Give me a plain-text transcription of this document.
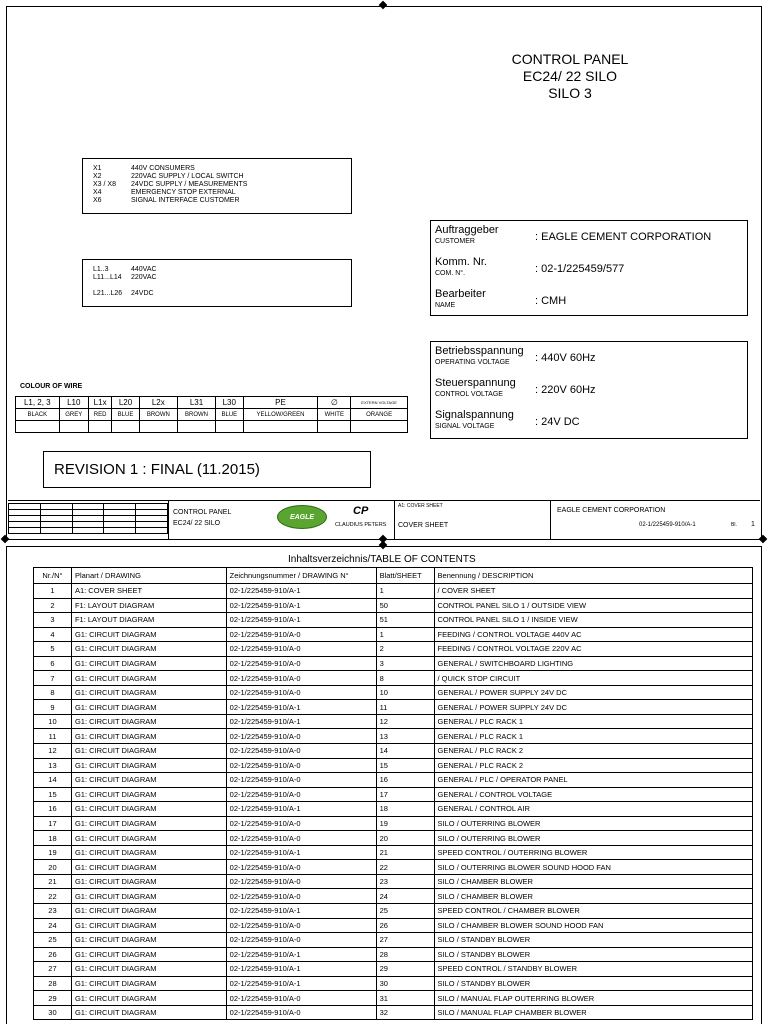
CONTROL PANEL
EC24/ 22 SILO
SILO 3
X1	440V CONSUMERS
X2	220VAC SUPPLY / LOCAL SWITCH
X3 / X8 24VDC SUPPLY / MEASUREMENTS
X4	EMERGENCY STOP EXTERNAL
X6	SIGNAL INTERFACE CUSTOMER
L1..3	440VAC
L11...L14 220VAC
L21...L26 24VDC
COLOUR OF WIRE
L1, 2, 3	L10	L1x	L20	L2x	L31	L30	PE	∅	EXTERN VOLTAGE
BLACK	GREY	RED	BLUE	BROWN	BROWN	BLUE	YELLOW/GREEN	WHITE	ORANGE

Auftraggeber
CUSTOMER	: EAGLE CEMENT CORPORATION
Komm. Nr.
COM. N°.	: 02-1/225459/577
Bearbeiter
NAME	: CMH
Betriebsspannung
OPERATING VOLTAGE : 440V 60Hz
Steuerspannung
CONTROL VOLTAGE	: 220V 60Hz
Signalspannung
SIGNAL VOLTAGE	: 24V DC
REVISION 1 : FINAL (11.2015)

CONTROL PANEL
EC24/ 22 SILO
EAGLE
CP
CLAUDIUS PETERS
A1: COVER SHEET
COVER SHEET
EAGLE CEMENT CORPORATION
02-1/225459-910/A-1	Bl. 1
Inhaltsverzeichnis/TABLE OF CONTENTS
Nr./N°	Planart / DRAWING	Zeichnungsnummer / DRAWING N°	Blatt/SHEET	Benennung / DESCRIPTION
1	A1: COVER SHEET	02-1/225459-910/A-1	1	/ COVER SHEET
2	F1: LAYOUT DIAGRAM	02-1/225459-910/A-1	50	CONTROL PANEL SILO 1 / OUTSIDE VIEW
3	F1: LAYOUT DIAGRAM	02-1/225459-910/A-1	51	CONTROL PANEL SILO 1 / INSIDE VIEW
4	G1: CIRCUIT DIAGRAM	02-1/225459-910/A-0	1	FEEDING / CONTROL VOLTAGE 440V AC
5	G1: CIRCUIT DIAGRAM	02-1/225459-910/A-0	2	FEEDING / CONTROL VOLTAGE 220V AC
6	G1: CIRCUIT DIAGRAM	02-1/225459-910/A-0	3	GENERAL / SWITCHBOARD LIGHTING
7	G1: CIRCUIT DIAGRAM	02-1/225459-910/A-0	8	/ QUICK STOP CIRCUIT
8	G1: CIRCUIT DIAGRAM	02-1/225459-910/A-0	10	GENERAL / POWER SUPPLY 24V DC
9	G1: CIRCUIT DIAGRAM	02-1/225459-910/A-1	11	GENERAL / POWER SUPPLY 24V DC
10	G1: CIRCUIT DIAGRAM	02-1/225459-910/A-1	12	GENERAL / PLC RACK 1
11	G1: CIRCUIT DIAGRAM	02-1/225459-910/A-0	13	GENERAL / PLC RACK 1
12	G1: CIRCUIT DIAGRAM	02-1/225459-910/A-0	14	GENERAL / PLC RACK 2
13	G1: CIRCUIT DIAGRAM	02-1/225459-910/A-0	15	GENERAL / PLC RACK 2
14	G1: CIRCUIT DIAGRAM	02-1/225459-910/A-0	16	GENERAL / PLC / OPERATOR PANEL
15	G1: CIRCUIT DIAGRAM	02-1/225459-910/A-0	17	GENERAL / CONTROL VOLTAGE
16	G1: CIRCUIT DIAGRAM	02-1/225459-910/A-1	18	GENERAL / CONTROL AIR
17	G1: CIRCUIT DIAGRAM	02-1/225459-910/A-0	19	SILO / OUTERRING BLOWER
18	G1: CIRCUIT DIAGRAM	02-1/225459-910/A-0	20	SILO / OUTERRING BLOWER
19	G1: CIRCUIT DIAGRAM	02-1/225459-910/A-1	21	SPEED CONTROL / OUTERRING BLOWER
20	G1: CIRCUIT DIAGRAM	02-1/225459-910/A-0	22	SILO / OUTERRING BLOWER SOUND HOOD FAN
21	G1: CIRCUIT DIAGRAM	02-1/225459-910/A-0	23	SILO / CHAMBER BLOWER
22	G1: CIRCUIT DIAGRAM	02-1/225459-910/A-0	24	SILO / CHAMBER BLOWER
23	G1: CIRCUIT DIAGRAM	02-1/225459-910/A-1	25	SPEED CONTROL / CHAMBER BLOWER
24	G1: CIRCUIT DIAGRAM	02-1/225459-910/A-0	26	SILO / CHAMBER BLOWER SOUND HOOD FAN
25	G1: CIRCUIT DIAGRAM	02-1/225459-910/A-0	27	SILO / STANDBY BLOWER
26	G1: CIRCUIT DIAGRAM	02-1/225459-910/A-1	28	SILO / STANDBY BLOWER
27	G1: CIRCUIT DIAGRAM	02-1/225459-910/A-1	29	SPEED CONTROL / STANDBY BLOWER
28	G1: CIRCUIT DIAGRAM	02-1/225459-910/A-1	30	SILO / STANDBY BLOWER
29	G1: CIRCUIT DIAGRAM	02-1/225459-910/A-0	31	SILO / MANUAL FLAP OUTERRING BLOWER
30	G1: CIRCUIT DIAGRAM	02-1/225459-910/A-0	32	SILO / MANUAL FLAP CHAMBER BLOWER
